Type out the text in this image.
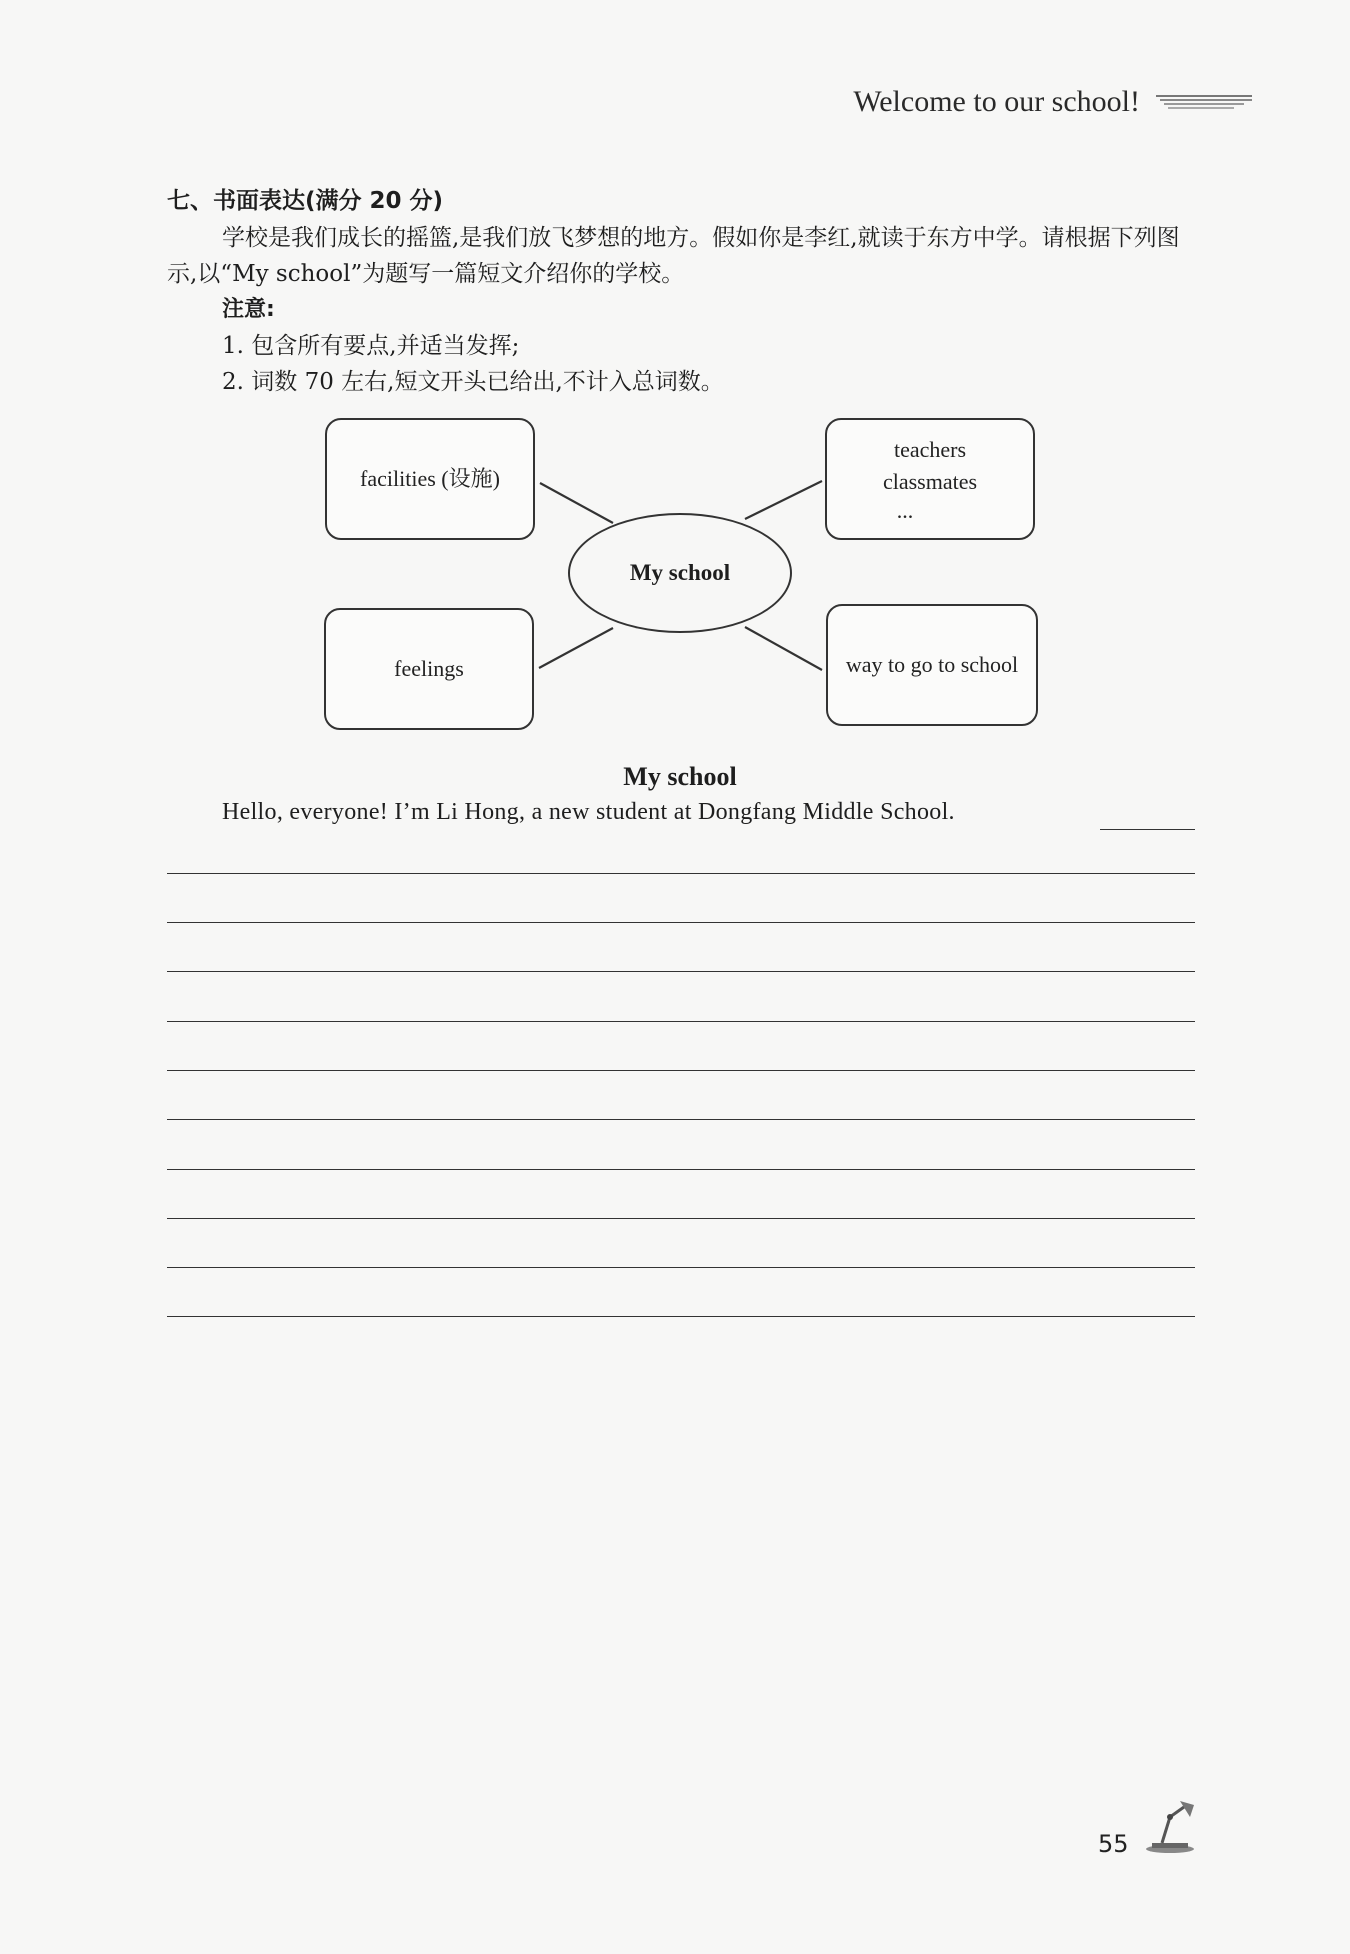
Welcome to our school!
七、书面表达(满分 20 分)
学校是我们成长的摇篮,是我们放飞梦想的地方。假如你是李红,就读于东方中学。请根据下列图示,以“My school”为题写一篇短文介绍你的学校。
注意:
1. 包含所有要点,并适当发挥;
2. 词数 70 左右,短文开头已给出,不计入总词数。
facilities (设施)
teachers
classmates
...
My school
feelings	way to go to school
My school
Hello, everyone! I’m Li Hong, a new student at Dongfang Middle School.
55
